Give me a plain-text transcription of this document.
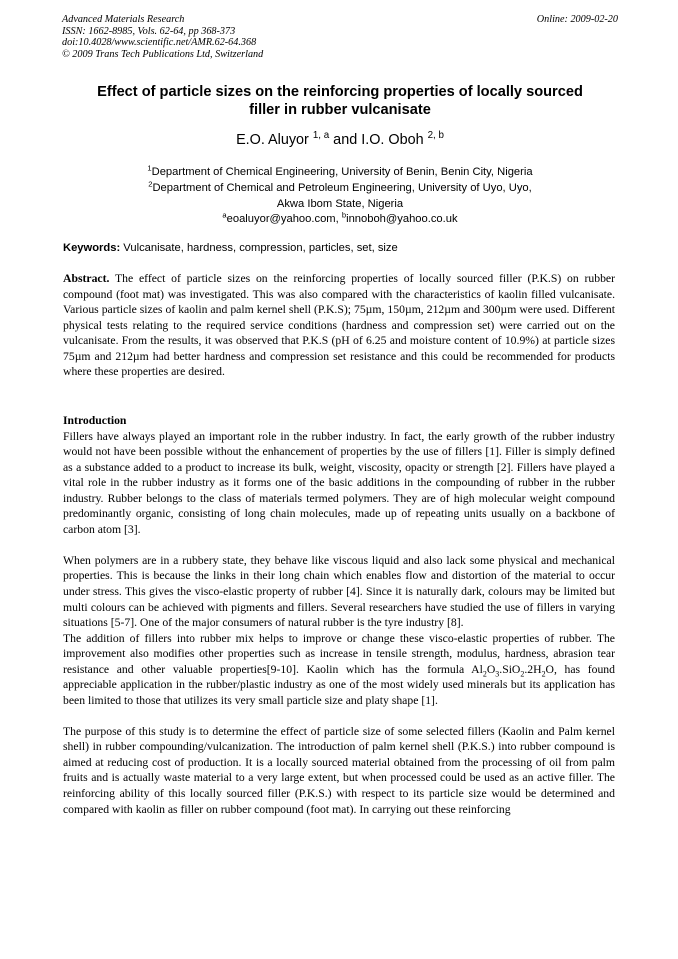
Advanced Materials Research	Online: 2009-02-20
ISSN: 1662-8985, Vols. 62-64, pp 368-373
doi:10.4028/www.scientific.net/AMR.62-64.368
© 2009 Trans Tech Publications Ltd, Switzerland
Effect of particle sizes on the reinforcing properties of locally sourced
filler in rubber vulcanisate
E.O. Aluyor $^{1, a}$ and I.O. Oboh $^{2, b}$
$^1$Department of Chemical Engineering, University of Benin, Benin City, Nigeria
$^2$Department of Chemical and Petroleum Engineering, University of Uyo, Uyo,
Akwa Ibom State, Nigeria
$^a$eoaluyor@yahoo.com, $^b$innoboh@yahoo.co.uk
Keywords: Vulcanisate, hardness, compression, particles, set, size

Abstract. The effect of particle sizes on the reinforcing properties of locally sourced filler (P.K.S) on rubber compound (foot mat) was investigated. This was also compared with the characteristics of kaolin filled vulcanisate. Various particle sizes of kaolin and palm kernel shell (P.K.S); 75µm, 150µm, 212µm and 300µm were used. Different physical tests relating to the required service conditions (hardness and compression set) were carried out on the vulcanisate. From the results, it was observed that P.K.S (pH of 6.25 and moisture content of 10.9%) at particle sizes 75µm and 212µm had better hardness and compression set resistance and this could be recommended for products where these properties are desired.

Introduction

Fillers have always played an important role in the rubber industry. In fact, the early growth of the rubber industry would not have been possible without the enhancement of properties by the use of fillers [1]. Filler is simply defined as a substance added to a product to increase its bulk, weight, viscosity, opacity or strength [2]. Fillers have played a vital role in the rubber industry as it forms one of the basic additions in the compounding of rubber in the rubber industry. Rubber belongs to the class of materials termed polymers. They are of high molecular weight compound predominantly organic, consisting of long chain molecules, made up of repeating units usually on a backbone of carbon atom [3].

When polymers are in a rubbery state, they behave like viscous liquid and also lack some physical and mechanical properties. This is because the links in their long chain which enables flow and distortion of the material to occur under stress. This gives the visco-elastic property of rubber [4]. Since it is naturally dark, colours may be limited but multi colours can be achieved with pigments and fillers. Several researchers have studied the use of fillers in varying situations [5-7]. One of the major consumers of natural rubber is the tyre industry [8].

The addition of fillers into rubber mix helps to improve or change these visco-elastic properties of rubber. The improvement also modifies other properties such as increase in tensile strength, modulus, hardness, abrasion tear resistance and other valuable properties[9-10]. Kaolin which has the formula $Al_2O_3.SiO_2.2H_2O$, has found appreciable application in the rubber/plastic industry as one of the most widely used minerals but its application has been limited to those that utilizes its very small particle size and platy shape [1].

The purpose of this study is to determine the effect of particle size of some selected fillers (Kaolin and Palm kernel shell) in rubber compounding/vulcanization. The introduction of palm kernel shell (P.K.S.) into rubber compound is aimed at reducing cost of production. It is a locally sourced material obtained from the processing of oil from palm fruits and is actually waste material to a very large extent, but when processed could be used as an active filler. The reinforcing ability of this locally sourced filler (P.K.S.) with respect to its particle size would be determined and compared with kaolin as filler on rubber compound (foot mat). In carrying out these reinforcing
